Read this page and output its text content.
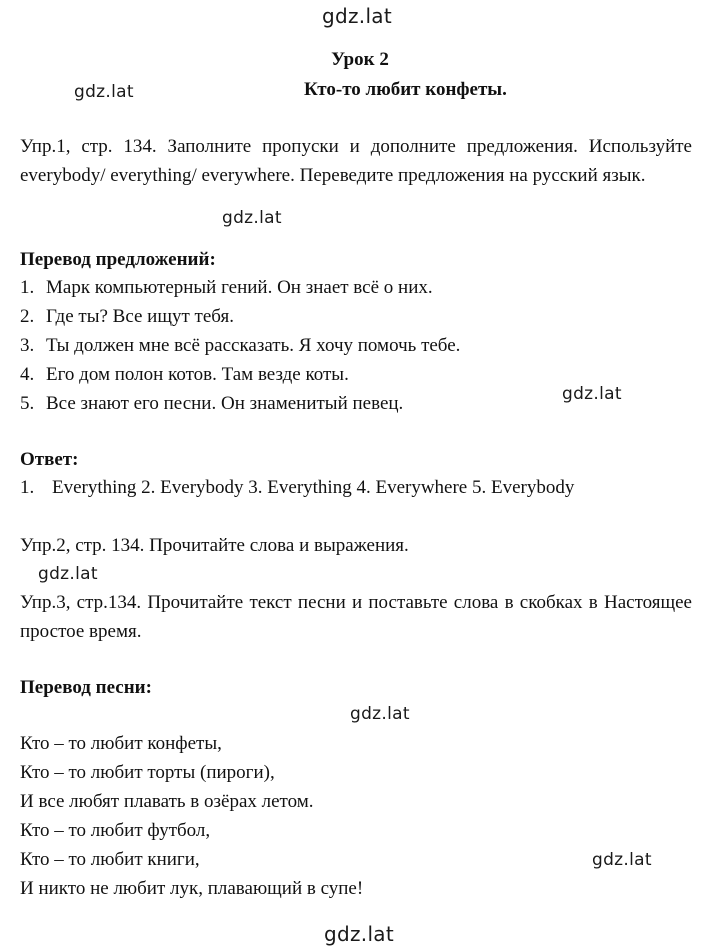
gdz.lat
gdz.lat
gdz.lat
gdz.lat
gdz.lat
gdz.lat
gdz.lat
gdz.lat
Урок 2
Кто-то любит конфеты.
Упр.1, стр. 134. Заполните пропуски и дополните предложения. Используйте everybody/ everything/ everywhere. Переведите предложения на русский язык.
Перевод предложений:
1. Марк компьютерный гений. Он знает всё о них.
2. Где ты? Все ищут тебя.
3. Ты должен мне всё рассказать. Я хочу помочь тебе.
4. Его дом полон котов. Там везде коты.
5. Все знают его песни. Он знаменитый певец.
Ответ:
1. Everything 2. Everybody 3. Everything 4. Everywhere 5. Everybody
Упр.2, стр. 134. Прочитайте слова и выражения.
Упр.3, стр.134. Прочитайте текст песни и поставьте слова в скобках в Настоящее простое время.
Перевод песни:
Кто – то любит конфеты,
Кто – то любит торты (пироги),
И все любят плавать в озёрах летом.
Кто – то любит футбол,
Кто – то любит книги,
И никто не любит лук, плавающий в супе!
